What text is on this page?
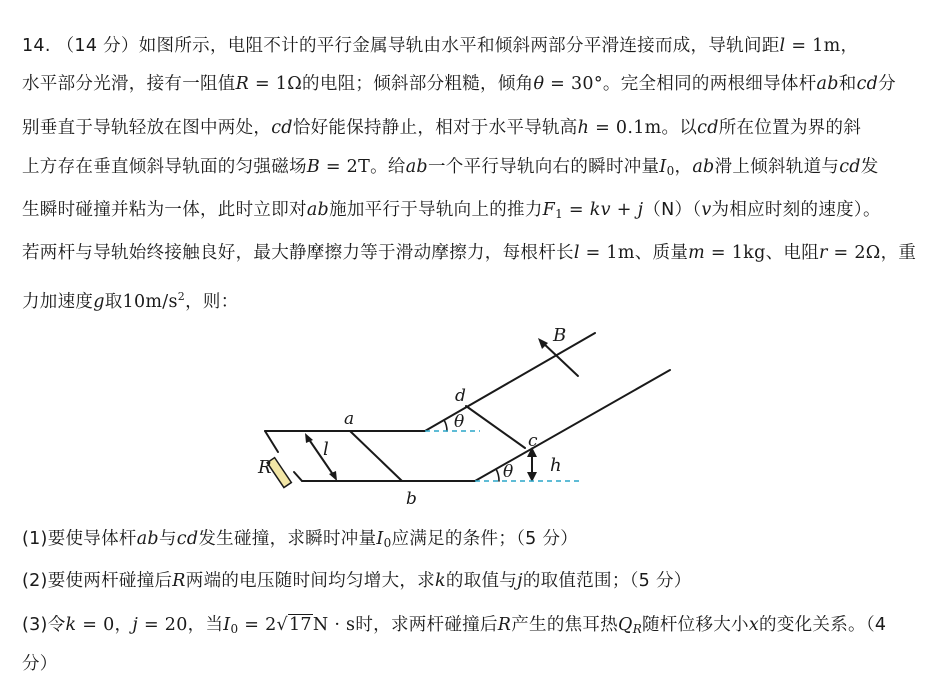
14. （14 分）如图所示，电阻不计的平行金属导轨由水平和倾斜两部分平滑连接而成，导轨间距l = 1m，
水平部分光滑，接有一阻值R = 1Ω的电阻；倾斜部分粗糙，倾角θ = 30°。完全相同的两根细导体杆ab和cd分
别垂直于导轨轻放在图中两处，cd恰好能保持静止，相对于水平导轨高h = 0.1m。以cd所在位置为界的斜
上方存在垂直倾斜导轨面的匀强磁场B = 2T。给ab一个平行导轨向右的瞬时冲量$I_0$，ab滑上倾斜轨道与cd发
生瞬时碰撞并粘为一体，此时立即对ab施加平行于导轨向上的推力$F_1$ = kv + j（N）（v为相应时刻的速度）。
若两杆与导轨始终接触良好，最大静摩擦力等于滑动摩擦力，每根杆长l = 1m、质量m = 1kg、电阻r = 2Ω，重
力加速度g取$10m/s^2$，则：
a
b
c
d
R
l
h
B
θ
θ
(1)要使导体杆ab与cd发生碰撞，求瞬时冲量$I_0$应满足的条件；（5 分）
(2)要使两杆碰撞后R两端的电压随时间均匀增大，求k的取值与j的取值范围；（5 分）
(3)令k = 0，j = 20，当$I_0 = 2√17N \cdot s$时，求两杆碰撞后R产生的焦耳热$Q_R$随杆位移大小x的变化关系。（4
分）
